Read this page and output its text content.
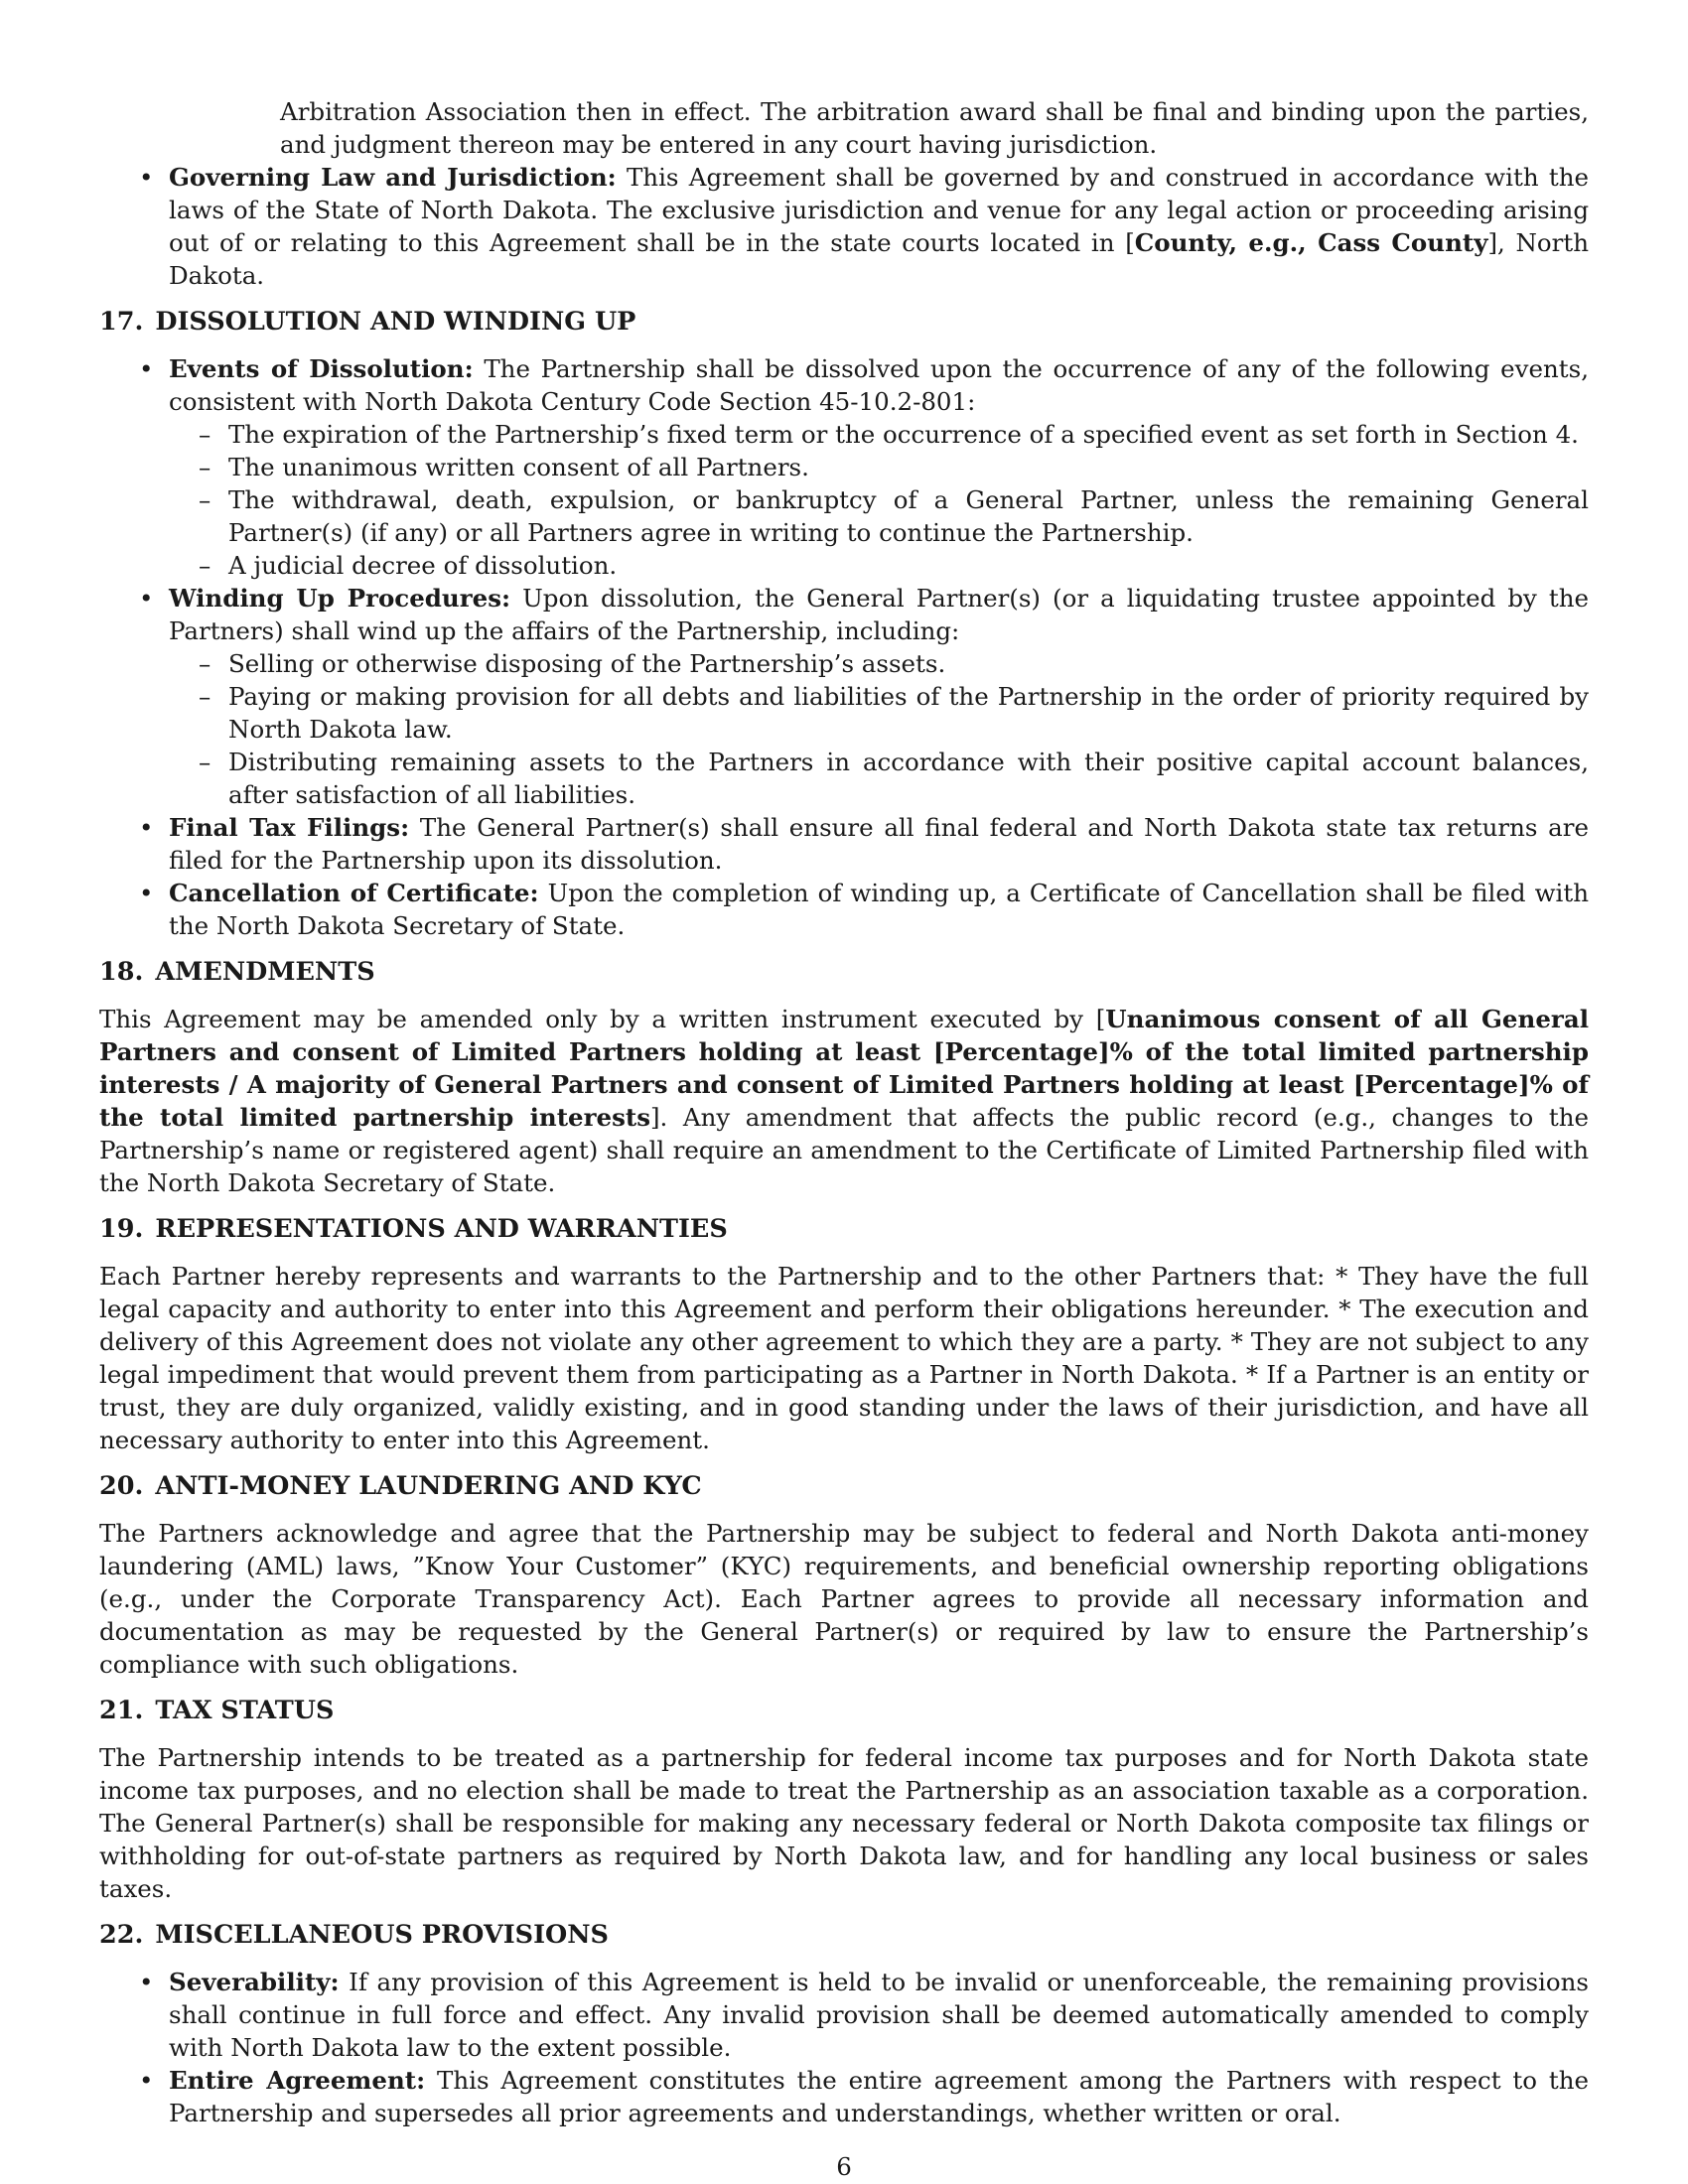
Arbitration Association then in effect. The arbitration award shall be final and binding upon the parties, and judgment thereon may be entered in any court having jurisdiction.

• Governing Law and Jurisdiction: This Agreement shall be governed by and construed in accordance with the laws of the State of North Dakota. The exclusive jurisdiction and venue for any legal action or proceeding arising out of or relating to this Agreement shall be in the state courts located in [County, e.g., Cass County], North Dakota.
17. DISSOLUTION AND WINDING UP
• Events of Dissolution: The Partnership shall be dissolved upon the occurrence of any of the following events, consistent with North Dakota Century Code Section 45-10.2-801:
– The expiration of the Partnership’s fixed term or the occurrence of a specified event as set forth in Section 4.
– The unanimous written consent of all Partners.
– The withdrawal, death, expulsion, or bankruptcy of a General Partner, unless the remaining General Partner(s) (if any) or all Partners agree in writing to continue the Partnership.
– A judicial decree of dissolution.
• Winding Up Procedures: Upon dissolution, the General Partner(s) (or a liquidating trustee appointed by the Partners) shall wind up the affairs of the Partnership, including:
– Selling or otherwise disposing of the Partnership’s assets.
– Paying or making provision for all debts and liabilities of the Partnership in the order of priority required by North Dakota law.
– Distributing remaining assets to the Partners in accordance with their positive capital account balances, after satisfaction of all liabilities.
• Final Tax Filings: The General Partner(s) shall ensure all final federal and North Dakota state tax returns are filed for the Partnership upon its dissolution.
• Cancellation of Certificate: Upon the completion of winding up, a Certificate of Cancellation shall be filed with the North Dakota Secretary of State.
18. AMENDMENTS

This Agreement may be amended only by a written instrument executed by [Unanimous consent of all General Partners and consent of Limited Partners holding at least [Percentage]% of the total limited partnership interests / A majority of General Partners and consent of Limited Partners holding at least [Percentage]% of the total limited partnership interests]. Any amendment that affects the public record (e.g., changes to the Partnership’s name or registered agent) shall require an amendment to the Certificate of Limited Partnership filed with the North Dakota Secretary of State.

19. REPRESENTATIONS AND WARRANTIES

Each Partner hereby represents and warrants to the Partnership and to the other Partners that: * They have the full legal capacity and authority to enter into this Agreement and perform their obligations hereunder. * The execution and delivery of this Agreement does not violate any other agreement to which they are a party. * They are not subject to any legal impediment that would prevent them from participating as a Partner in North Dakota. * If a Partner is an entity or trust, they are duly organized, validly existing, and in good standing under the laws of their jurisdiction, and have all necessary authority to enter into this Agreement.

20. ANTI-MONEY LAUNDERING AND KYC

The Partners acknowledge and agree that the Partnership may be subject to federal and North Dakota anti-money laundering (AML) laws, ”Know Your Customer” (KYC) requirements, and beneficial ownership reporting obligations (e.g., under the Corporate Transparency Act). Each Partner agrees to provide all necessary information and documentation as may be requested by the General Partner(s) or required by law to ensure the Partnership’s compliance with such obligations.

21. TAX STATUS

The Partnership intends to be treated as a partnership for federal income tax purposes and for North Dakota state income tax purposes, and no election shall be made to treat the Partnership as an association taxable as a corporation. The General Partner(s) shall be responsible for making any necessary federal or North Dakota composite tax filings or withholding for out-of-state partners as required by North Dakota law, and for handling any local business or sales taxes.

22. MISCELLANEOUS PROVISIONS
• Severability: If any provision of this Agreement is held to be invalid or unenforceable, the remaining provisions shall continue in full force and effect. Any invalid provision shall be deemed automatically amended to comply with North Dakota law to the extent possible.
• Entire Agreement: This Agreement constitutes the entire agreement among the Partners with respect to the Partnership and supersedes all prior agreements and understandings, whether written or oral.
6
